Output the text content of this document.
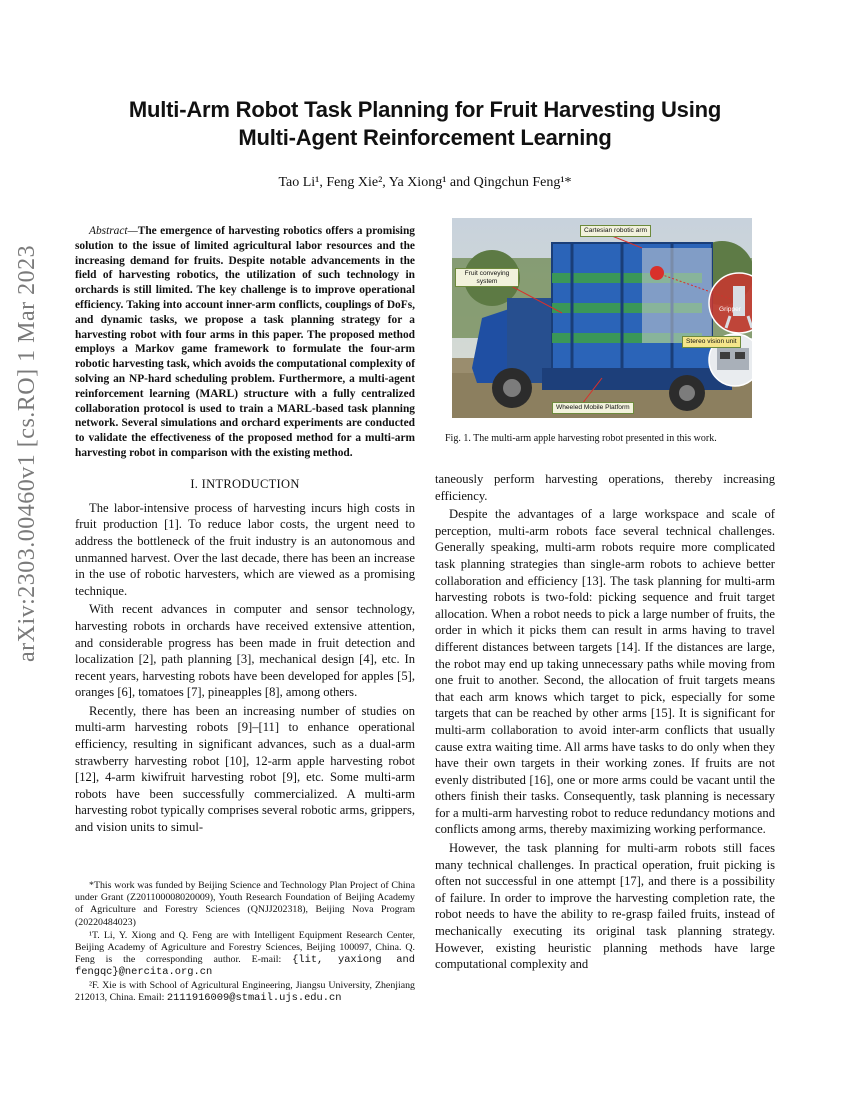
arXiv:2303.00460v1 [cs.RO] 1 Mar 2023
Multi-Arm Robot Task Planning for Fruit Harvesting Using Multi-Agent Reinforcement Learning
Tao Li¹, Feng Xie², Ya Xiong¹ and Qingchun Feng¹*

Abstract—The emergence of harvesting robotics offers a promising solution to the issue of limited agricultural labor resources and the increasing demand for fruits. Despite notable advancements in the field of harvesting robotics, the utilization of such technology in orchards is still limited. The key challenge is to improve operational efficiency. Taking into account inner-arm conflicts, couplings of DoFs, and dynamic tasks, we propose a task planning strategy for a harvesting robot with four arms in this paper. The proposed method employs a Markov game framework to formulate the four-arm robotic harvesting task, which avoids the computational complexity of solving an NP-hard scheduling problem. Furthermore, a multi-agent reinforcement learning (MARL) structure with a fully centralized collaboration protocol is used to train a MARL-based task planning network. Several simulations and orchard experiments are conducted to validate the effectiveness of the proposed method for a multi-arm harvesting robot in comparison with the existing method.

I. INTRODUCTION

The labor-intensive process of harvesting incurs high costs in fruit production [1]. To reduce labor costs, the urgent need to address the bottleneck of the fruit industry is an autonomous and unmanned harvest. Over the last decade, there has been an increase in the use of robotic harvesters, which are viewed as a promising technique.

With recent advances in computer and sensor technology, harvesting robots in orchards have received extensive attention, and considerable progress has been made in fruit detection and localization [2], path planning [3], mechanical design [4], etc. In recent years, harvesting robots have been developed for apples [5], oranges [6], tomatoes [7], pineapples [8], among others.

Recently, there has been an increasing number of studies on multi-arm harvesting robots [9]–[11] to enhance operational efficiency, resulting in significant advances, such as a dual-arm strawberry harvesting robot [10], 12-arm apple harvesting robot [12], 4-arm kiwifruit harvesting robot [9], etc. Some multi-arm robots have been successfully commercialized. A multi-arm harvesting robot typically comprises several robotic arms, grippers, and vision units to simul-

*This work was funded by Beijing Science and Technology Plan Project of China under Grant (Z201100008020009), Youth Research Foundation of Beijing Academy of Agriculture and Forestry Sciences (QNJJ202318), Beijing Nova Program (20220484023)

¹T. Li, Y. Xiong and Q. Feng are with Intelligent Equipment Research Center, Beijing Academy of Agriculture and Forestry Sciences, Beijing 100097, China. Q. Feng is the corresponding author. E-mail: {lit, yaxiong and fengqc}@nercita.org.cn

²F. Xie is with School of Agricultural Engineering, Jiangsu University, Zhenjiang 212013, China. Email: 2111916009@stmail.ujs.edu.cn

Cartesian robotic arm
Fruit conveying system
Gripper
Stereo vision unit
Wheeled Mobile Platform

Fig. 1. The multi-arm apple harvesting robot presented in this work.

taneously perform harvesting operations, thereby increasing efficiency.

Despite the advantages of a large workspace and scale of perception, multi-arm robots face several technical challenges. Generally speaking, multi-arm robots require more complicated task planning strategies than single-arm robots to achieve better collaboration and efficiency [13]. The task planning for multi-arm harvesting robots is two-fold: picking sequence and fruit target allocation. When a robot needs to pick a large number of fruits, the order in which it picks them can result in arms having to travel different distances between targets [14]. If the distances are large, the robot may end up taking unnecessary paths while moving from one fruit to another. Second, the allocation of fruit targets means that each arm knows which target to pick, especially for some targets that can be reached by other arms [15]. It is significant for multi-arm collaboration to avoid inter-arm conflicts that usually cause extra waiting time. All arms have tasks to do only when they have their own targets in their working zones. If fruits are not evenly distributed [16], one or more arms could be vacant until the others finish their tasks. Consequently, task planning is necessary for a multi-arm harvesting robot to reduce redundancy motions and conflicts among arms, thereby maximizing working performance.

However, the task planning for multi-arm robots still faces many technical challenges. In practical operation, fruit picking is often not successful in one attempt [17], and there is a possibility of failure. In order to improve the harvesting completion rate, the robot needs to have the ability to re-grasp failed fruits, instead of mechanically executing its original task planning strategy. However, existing heuristic planning methods have large computational complexity and
